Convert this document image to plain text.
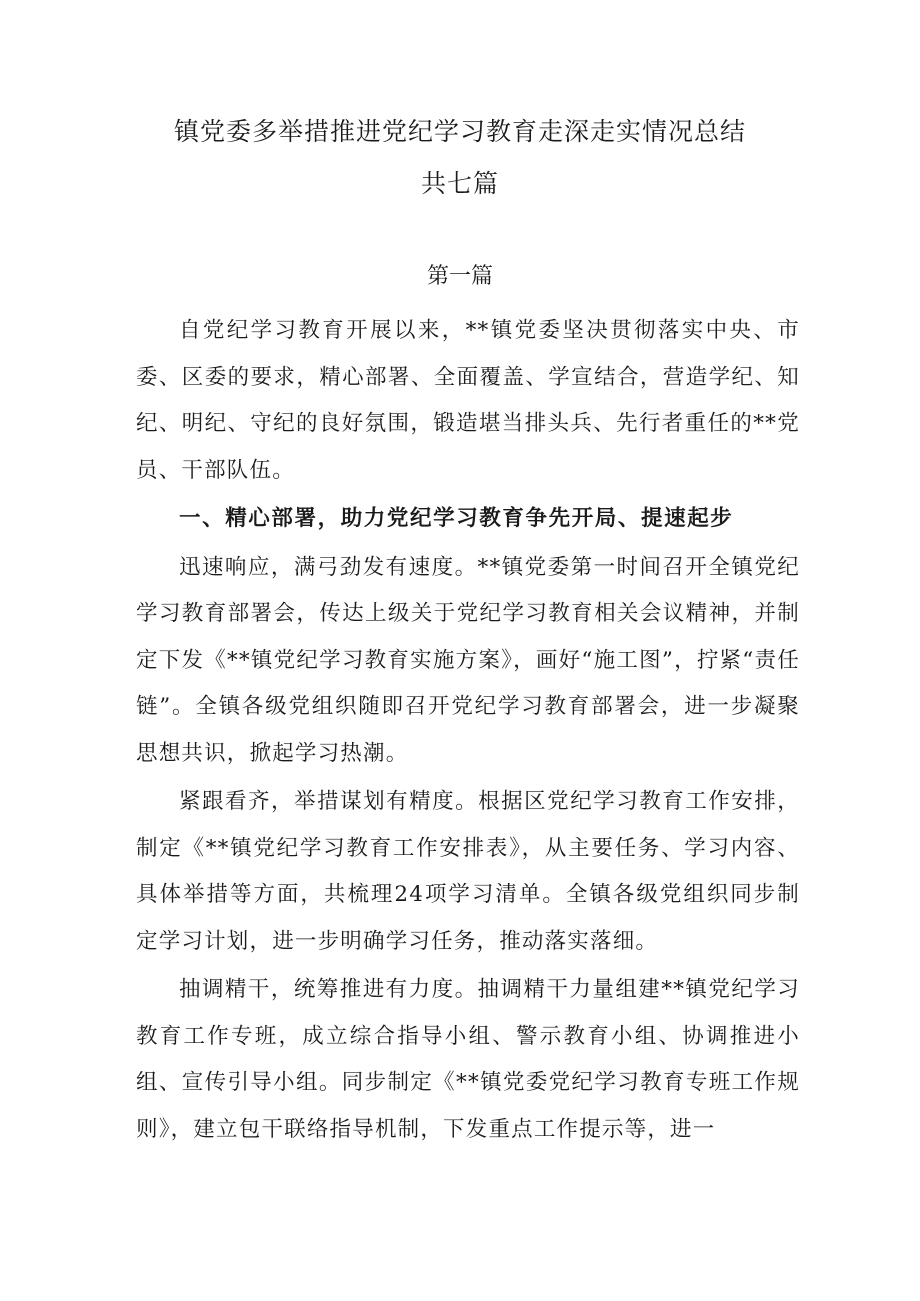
镇党委多举措推进党纪学习教育走深走实情况总结
共七篇
第一篇

自党纪学习教育开展以来，**镇党委坚决贯彻落实中央、市委、区委的要求，精心部署、全面覆盖、学宣结合，营造学纪、知纪、明纪、守纪的良好氛围，锻造堪当排头兵、先行者重任的**党员、干部队伍。

一、精心部署，助力党纪学习教育争先开局、提速起步

迅速响应，满弓劲发有速度。**镇党委第一时间召开全镇党纪学习教育部署会，传达上级关于党纪学习教育相关会议精神，并制定下发《**镇党纪学习教育实施方案》，画好“施工图”，拧紧“责任链”。全镇各级党组织随即召开党纪学习教育部署会，进一步凝聚思想共识，掀起学习热潮。

紧跟看齐，举措谋划有精度。根据区党纪学习教育工作安排，制定《**镇党纪学习教育工作安排表》，从主要任务、学习内容、具体举措等方面，共梳理24项学习清单。全镇各级党组织同步制定学习计划，进一步明确学习任务，推动落实落细。

抽调精干，统筹推进有力度。抽调精干力量组建**镇党纪学习教育工作专班，成立综合指导小组、警示教育小组、协调推进小组、宣传引导小组。同步制定《**镇党委党纪学习教育专班工作规则》，建立包干联络指导机制，下发重点工作提示等，进一
